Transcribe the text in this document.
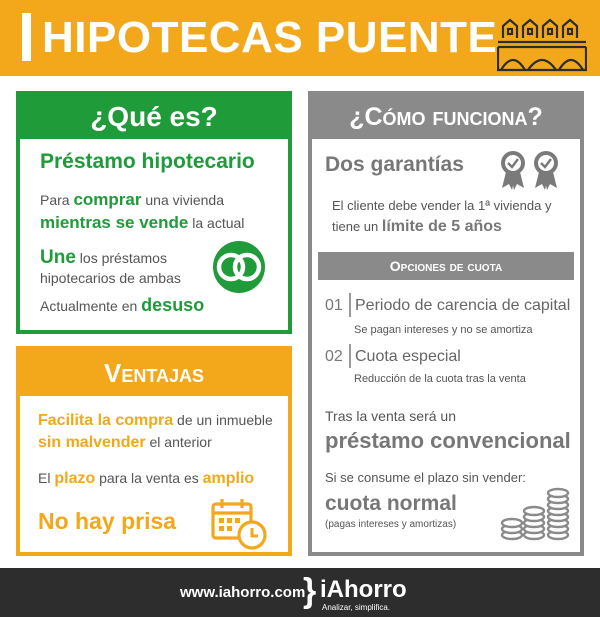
HIPOTECAS PUENTE
¿Qué es?
Préstamo hipotecario
Para comprar una vivienda
mientras se vende la actual
Une los préstamos
hipotecarios de ambas
Actualmente en desuso
Ventajas
Facilita la compra de un inmueble
sin malvender el anterior
El plazo para la venta es amplio
No hay prisa
¿Cómo funciona?
Dos garantías
El cliente debe vender la 1ª vivienda y
tiene un límite de 5 años
Opciones de cuota
01 Periodo de carencia de capital
Se pagan intereses y no se amortiza
02 Cuota especial
Reducción de la cuota tras la venta
Tras la venta será un
préstamo convencional
Si se consume el plazo sin vender:
cuota normal
(pagas intereses y amortizas)
www.iahorro.com
} iAhorro
Analizar, simplifica.
